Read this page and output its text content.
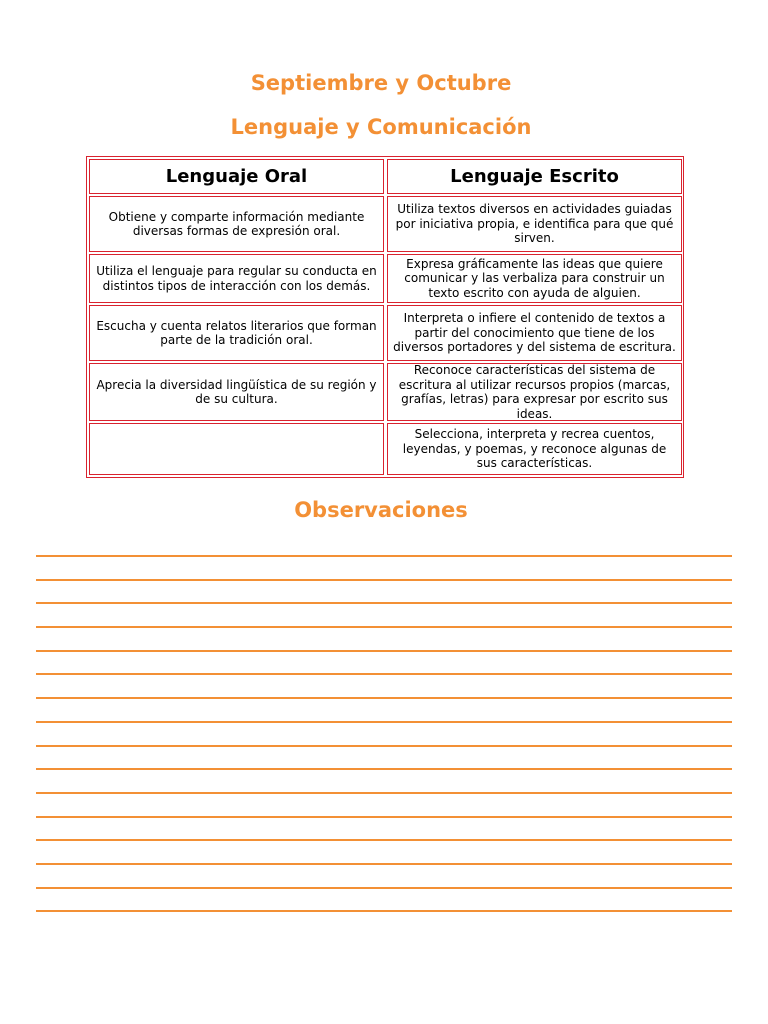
Septiembre y Octubre
Lenguaje y Comunicación
Lenguaje Oral	Lenguaje Escrito
Obtiene y comparte información mediante diversas formas de expresión oral.
Utiliza textos diversos en actividades guiadas por iniciativa propia, e identifica para que qué sirven.
Utiliza el lenguaje para regular su conducta en distintos tipos de interacción con los demás.
Expresa gráficamente las ideas que quiere comunicar y las verbaliza para construir un texto escrito con ayuda de alguien.
Escucha y cuenta relatos literarios que forman parte de la tradición oral.
Interpreta o infiere el contenido de textos a partir del conocimiento que tiene de los diversos portadores y del sistema de escritura.
Aprecia la diversidad lingüística de su región y de su cultura.
Reconoce características del sistema de escritura al utilizar recursos propios (marcas, grafías, letras) para expresar por escrito sus ideas.
Selecciona, interpreta y recrea cuentos, leyendas, y poemas, y reconoce algunas de sus características.
Observaciones
